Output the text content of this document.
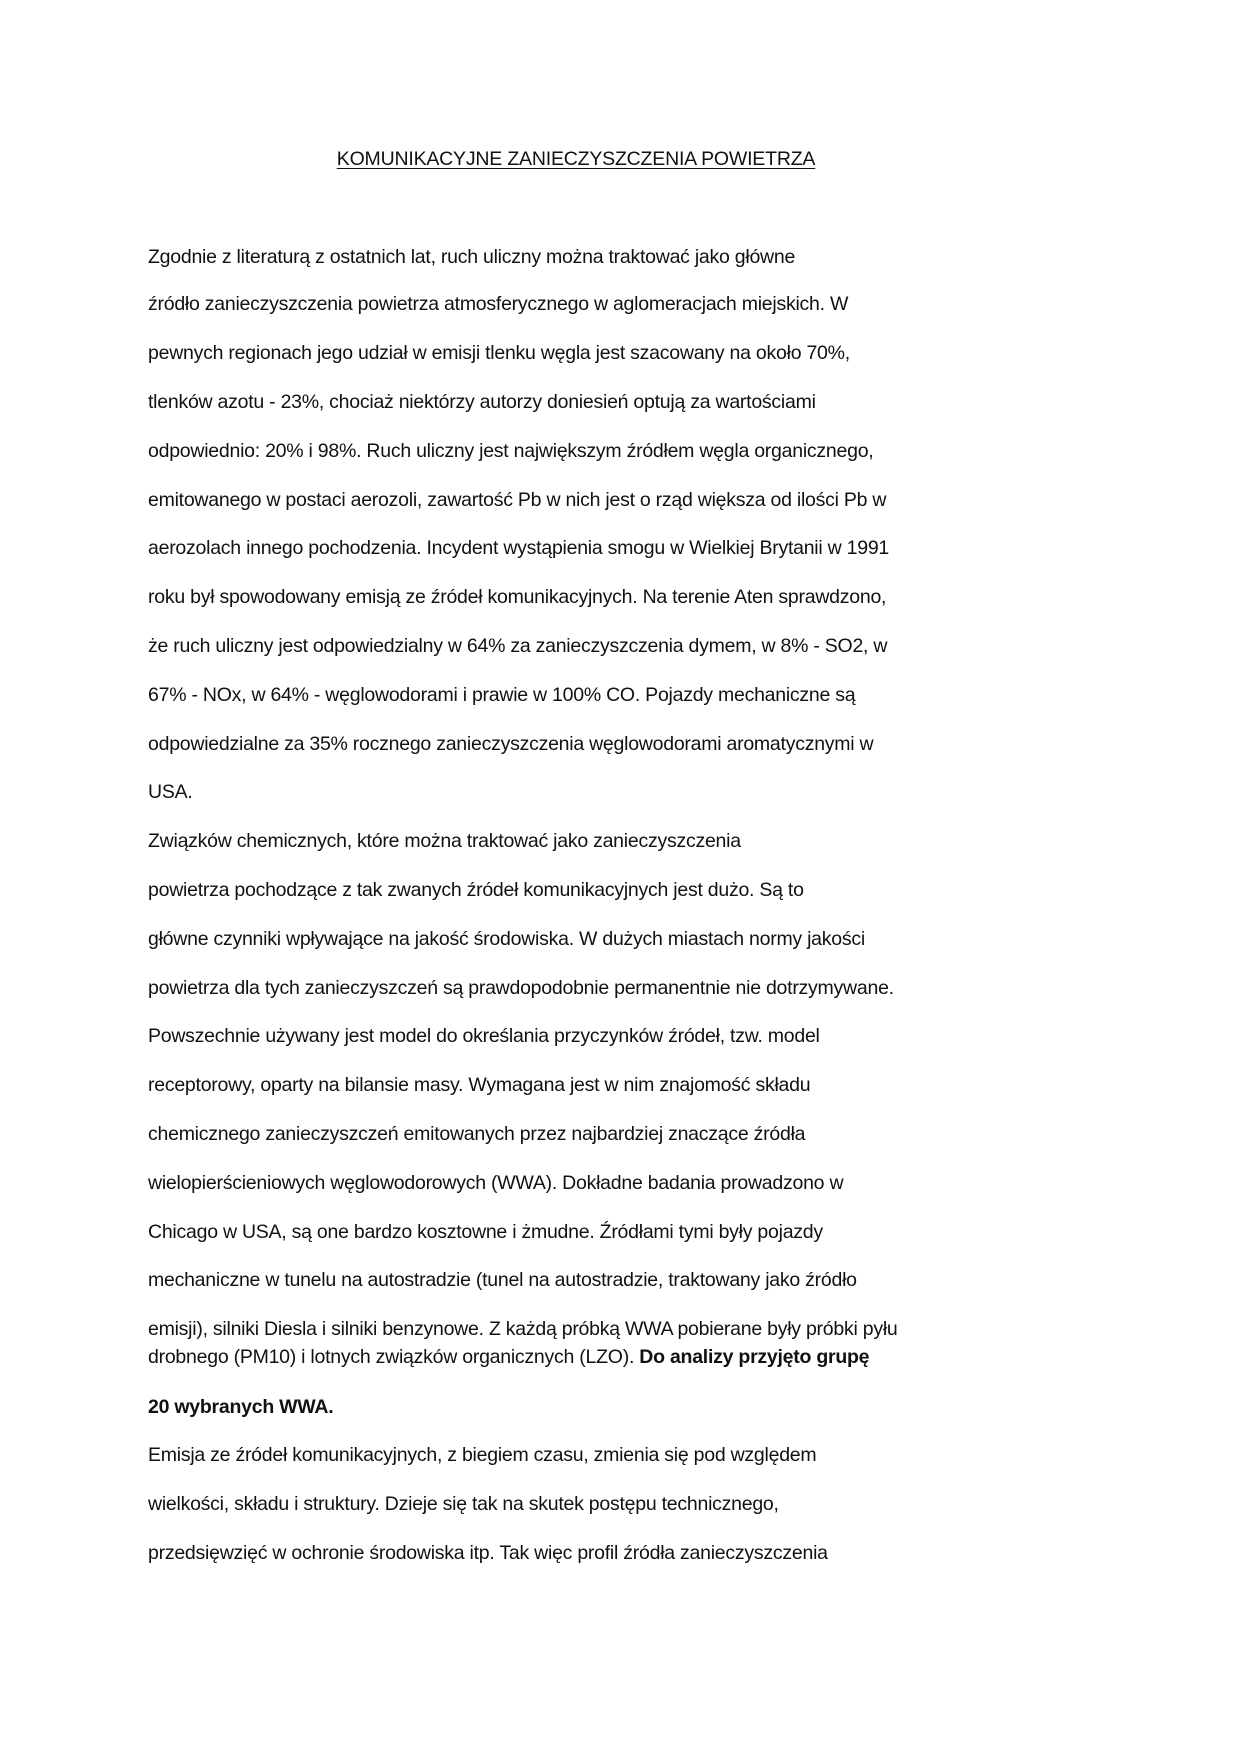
KOMUNIKACYJNE ZANIECZYSZCZENIA POWIETRZA
Zgodnie z literaturą z ostatnich lat, ruch uliczny można traktować jako główne
źródło zanieczyszczenia powietrza atmosferycznego w aglomeracjach miejskich. W
pewnych regionach jego udział w emisji tlenku węgla jest szacowany na około 70%,
tlenków azotu - 23%, chociaż niektórzy autorzy doniesień optują za wartościami
odpowiednio: 20% i 98%. Ruch uliczny jest największym źródłem węgla organicznego,
emitowanego w postaci aerozoli, zawartość Pb w nich jest o rząd większa od ilości Pb w
aerozolach innego pochodzenia. Incydent wystąpienia smogu w Wielkiej Brytanii w 1991
roku był spowodowany emisją ze źródeł komunikacyjnych. Na terenie Aten sprawdzono,
że ruch uliczny jest odpowiedzialny w 64% za zanieczyszczenia dymem, w 8% - SO2, w
67% - NOx, w 64% - węglowodorami i prawie w 100% CO. Pojazdy mechaniczne są
odpowiedzialne za 35% rocznego zanieczyszczenia węglowodorami aromatycznymi w
USA.
Związków chemicznych, które można traktować jako zanieczyszczenia
powietrza pochodzące z tak zwanych źródeł komunikacyjnych jest dużo. Są to
główne czynniki wpływające na jakość środowiska. W dużych miastach normy jakości
powietrza dla tych zanieczyszczeń są prawdopodobnie permanentnie nie dotrzymywane.
Powszechnie używany jest model do określania przyczynków źródeł, tzw. model
receptorowy, oparty na bilansie masy. Wymagana jest w nim znajomość składu
chemicznego zanieczyszczeń emitowanych przez najbardziej znaczące źródła
wielopierścieniowych węglowodorowych (WWA). Dokładne badania prowadzono w
Chicago w USA, są one bardzo kosztowne i żmudne. Źródłami tymi były pojazdy
mechaniczne w tunelu na autostradzie (tunel na autostradzie, traktowany jako źródło
emisji), silniki Diesla i silniki benzynowe. Z każdą próbką WWA pobierane były próbki pyłu
drobnego (PM10) i lotnych związków organicznych (LZO). Do analizy przyjęto grupę
20 wybranych WWA.
Emisja ze źródeł komunikacyjnych, z biegiem czasu, zmienia się pod względem
wielkości, składu i struktury. Dzieje się tak na skutek postępu technicznego,
przedsięwzięć w ochronie środowiska itp. Tak więc profil źródła zanieczyszczenia
